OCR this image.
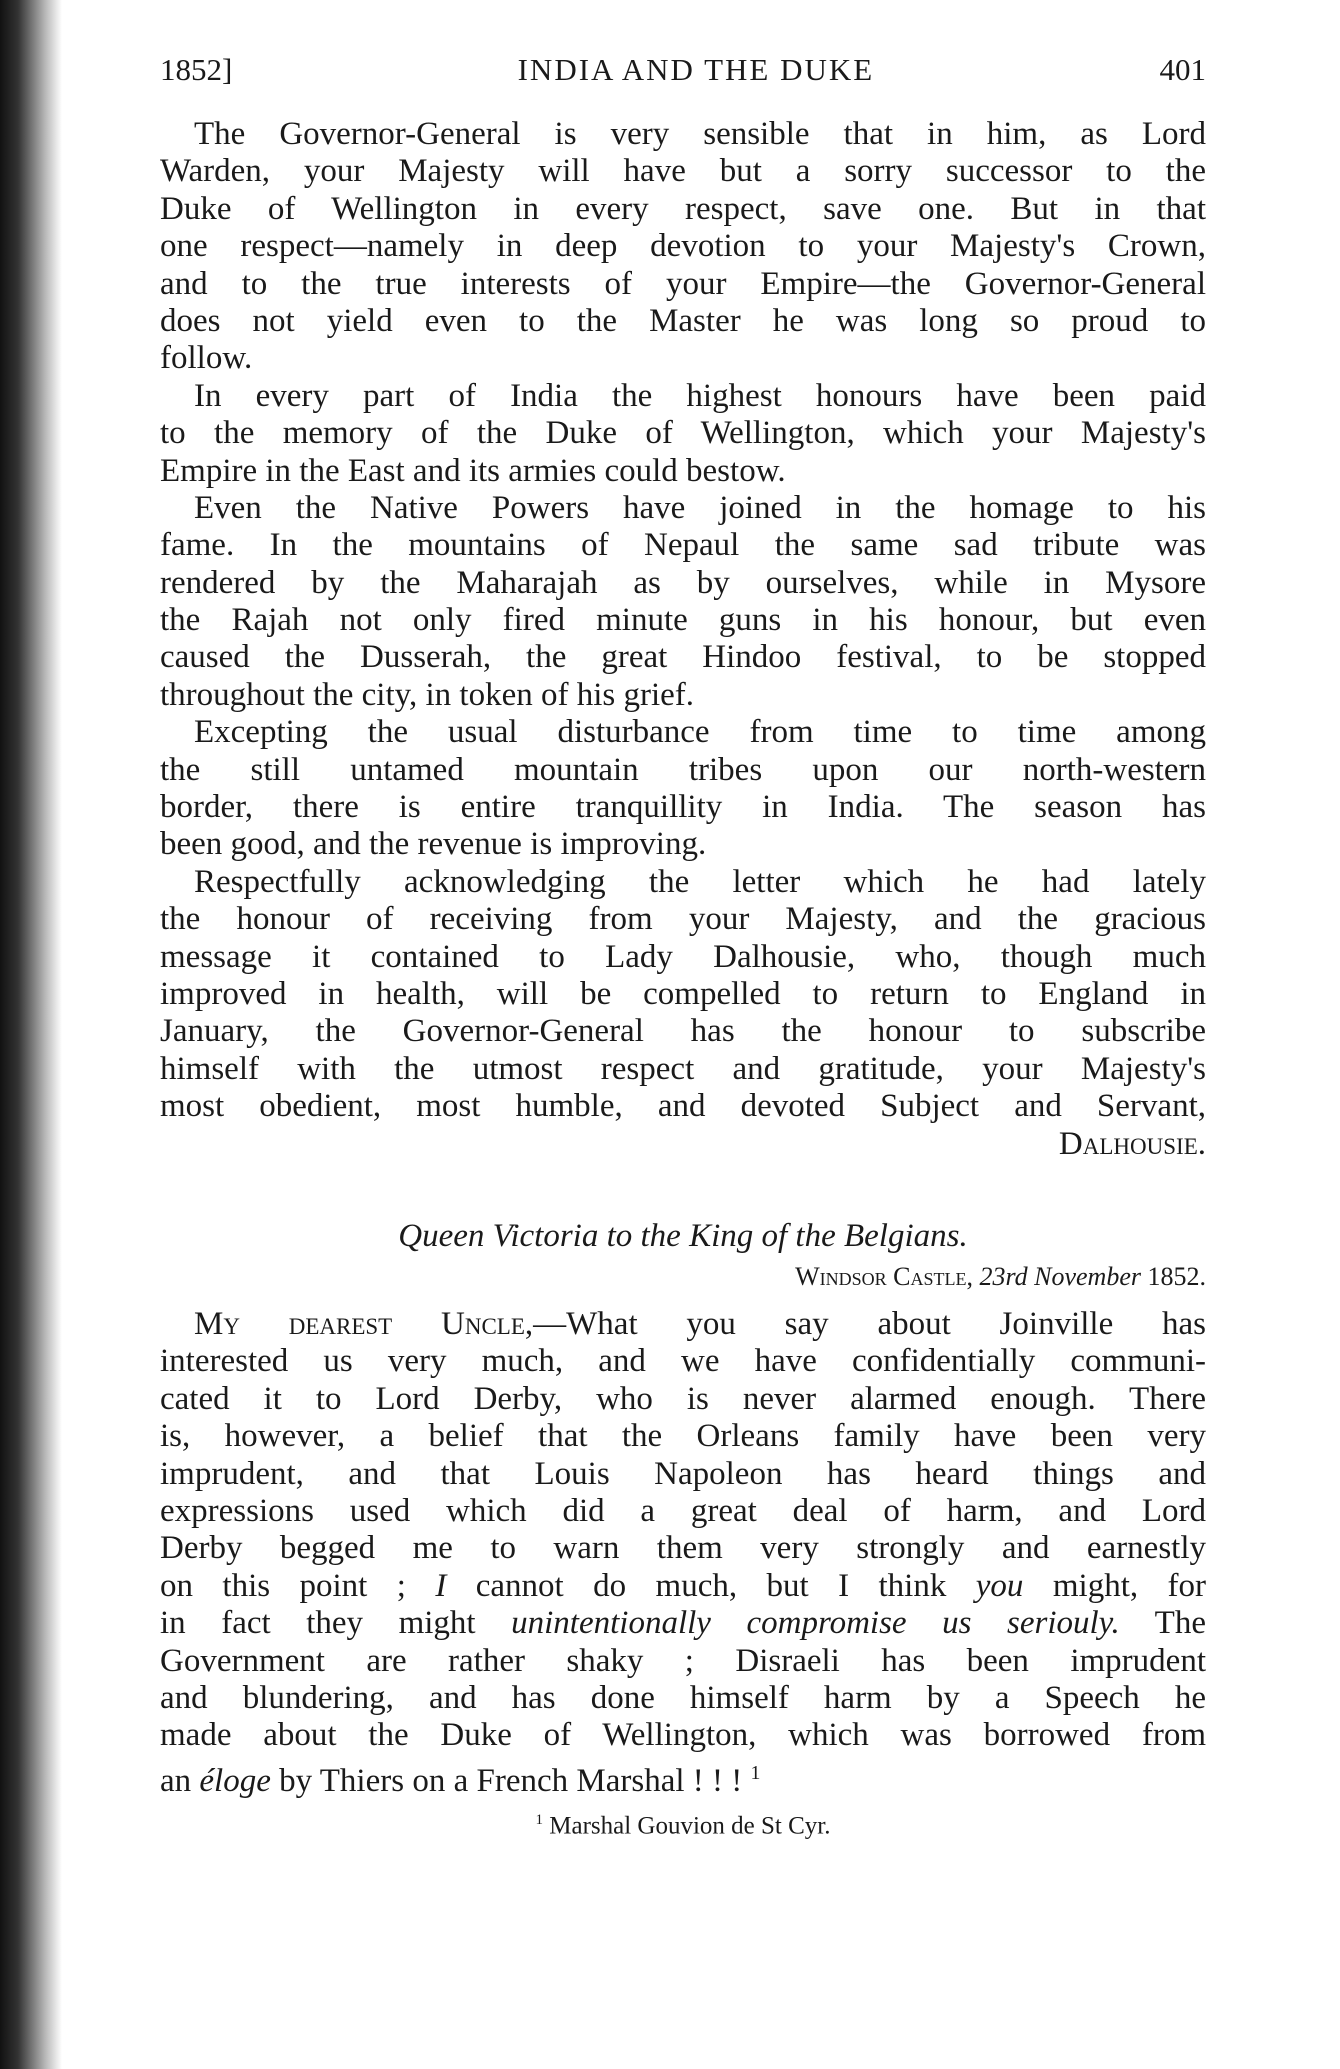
1852]	INDIA AND THE DUKE	401
The Governor-General is very sensible that in him, as Lord
Warden, your Majesty will have but a sorry successor to the
Duke of Wellington in every respect, save one. But in that
one respect—namely in deep devotion to your Majesty's Crown,
and to the true interests of your Empire—the Governor-General
does not yield even to the Master he was long so proud to
follow.
In every part of India the highest honours have been paid
to the memory of the Duke of Wellington, which your Majesty's
Empire in the East and its armies could bestow.
Even the Native Powers have joined in the homage to his
fame. In the mountains of Nepaul the same sad tribute was
rendered by the Maharajah as by ourselves, while in Mysore
the Rajah not only fired minute guns in his honour, but even
caused the Dusserah, the great Hindoo festival, to be stopped
throughout the city, in token of his grief.
Excepting the usual disturbance from time to time among
the still untamed mountain tribes upon our north-western
border, there is entire tranquillity in India. The season has
been good, and the revenue is improving.
Respectfully acknowledging the letter which he had lately
the honour of receiving from your Majesty, and the gracious
message it contained to Lady Dalhousie, who, though much
improved in health, will be compelled to return to England in
January, the Governor-General has the honour to subscribe
himself with the utmost respect and gratitude, your Majesty's
most obedient, most humble, and devoted Subject and Servant,
Dalhousie.
Queen Victoria to the King of the Belgians.
Windsor Castle, 23rd November 1852.
My dearest Uncle,—What you say about Joinville has
interested us very much, and we have confidentially communi-
cated it to Lord Derby, who is never alarmed enough. There
is, however, a belief that the Orleans family have been very
imprudent, and that Louis Napoleon has heard things and
expressions used which did a great deal of harm, and Lord
Derby begged me to warn them very strongly and earnestly
on this point ; I cannot do much, but I think you might, for
in fact they might unintentionally compromise us seriouly. The
Government are rather shaky ; Disraeli has been imprudent
and blundering, and has done himself harm by a Speech he
made about the Duke of Wellington, which was borrowed from
an éloge by Thiers on a French Marshal ! ! ! $^1$
$^1$ Marshal Gouvion de St Cyr.
